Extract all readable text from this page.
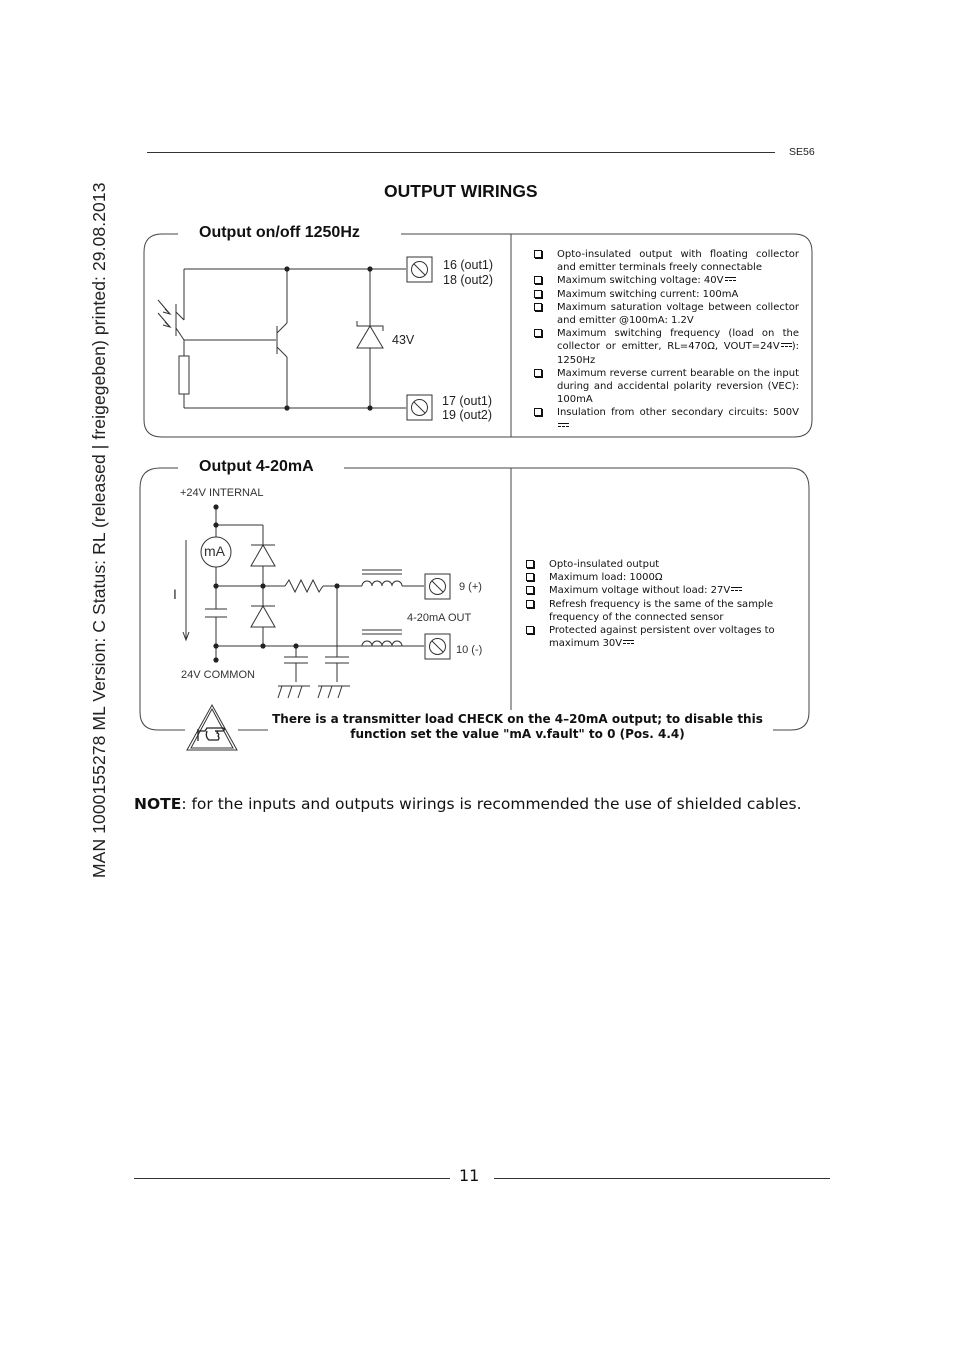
MAN 1000155278 ML Version: C Status: RL (released | freigegeben) printed: 29.08.2013
SE56
OUTPUT WIRINGS
Output on/off 1250Hz
16 (out1)
18 (out2)
17 (out1)
19 (out2)
43V
Opto-insulated output with floating collector and emitter terminals freely connectable
Maximum switching voltage: 40V
Maximum switching current: 100mA
Maximum saturation voltage between collector and emitter @100mA: 1.2V
Maximum switching frequency (load on the collector or emitter, RL=470Ω, VOUT=24V ): 1250Hz
Maximum reverse current bearable on the input during and accidental polarity reversion (VEC): 100mA
Insulation from other secondary circuits: 500V
Output 4-20mA
+24V INTERNAL
24V COMMON
mA
I	9 (+)
10 (-)
4-20mA OUT
Opto-insulated output
Maximum load: 1000Ω
Maximum voltage without load: 27V
Refresh frequency is the same of the sample frequency of the connected sensor
Protected against persistent over voltages to maximum 30V
There is a transmitter load CHECK on the 4–20mA output; to disable this
function set the value "mA v.fault" to 0 (Pos. 4.4)
NOTE: for the inputs and outputs wirings is recommended the use of shielded cables.
11
